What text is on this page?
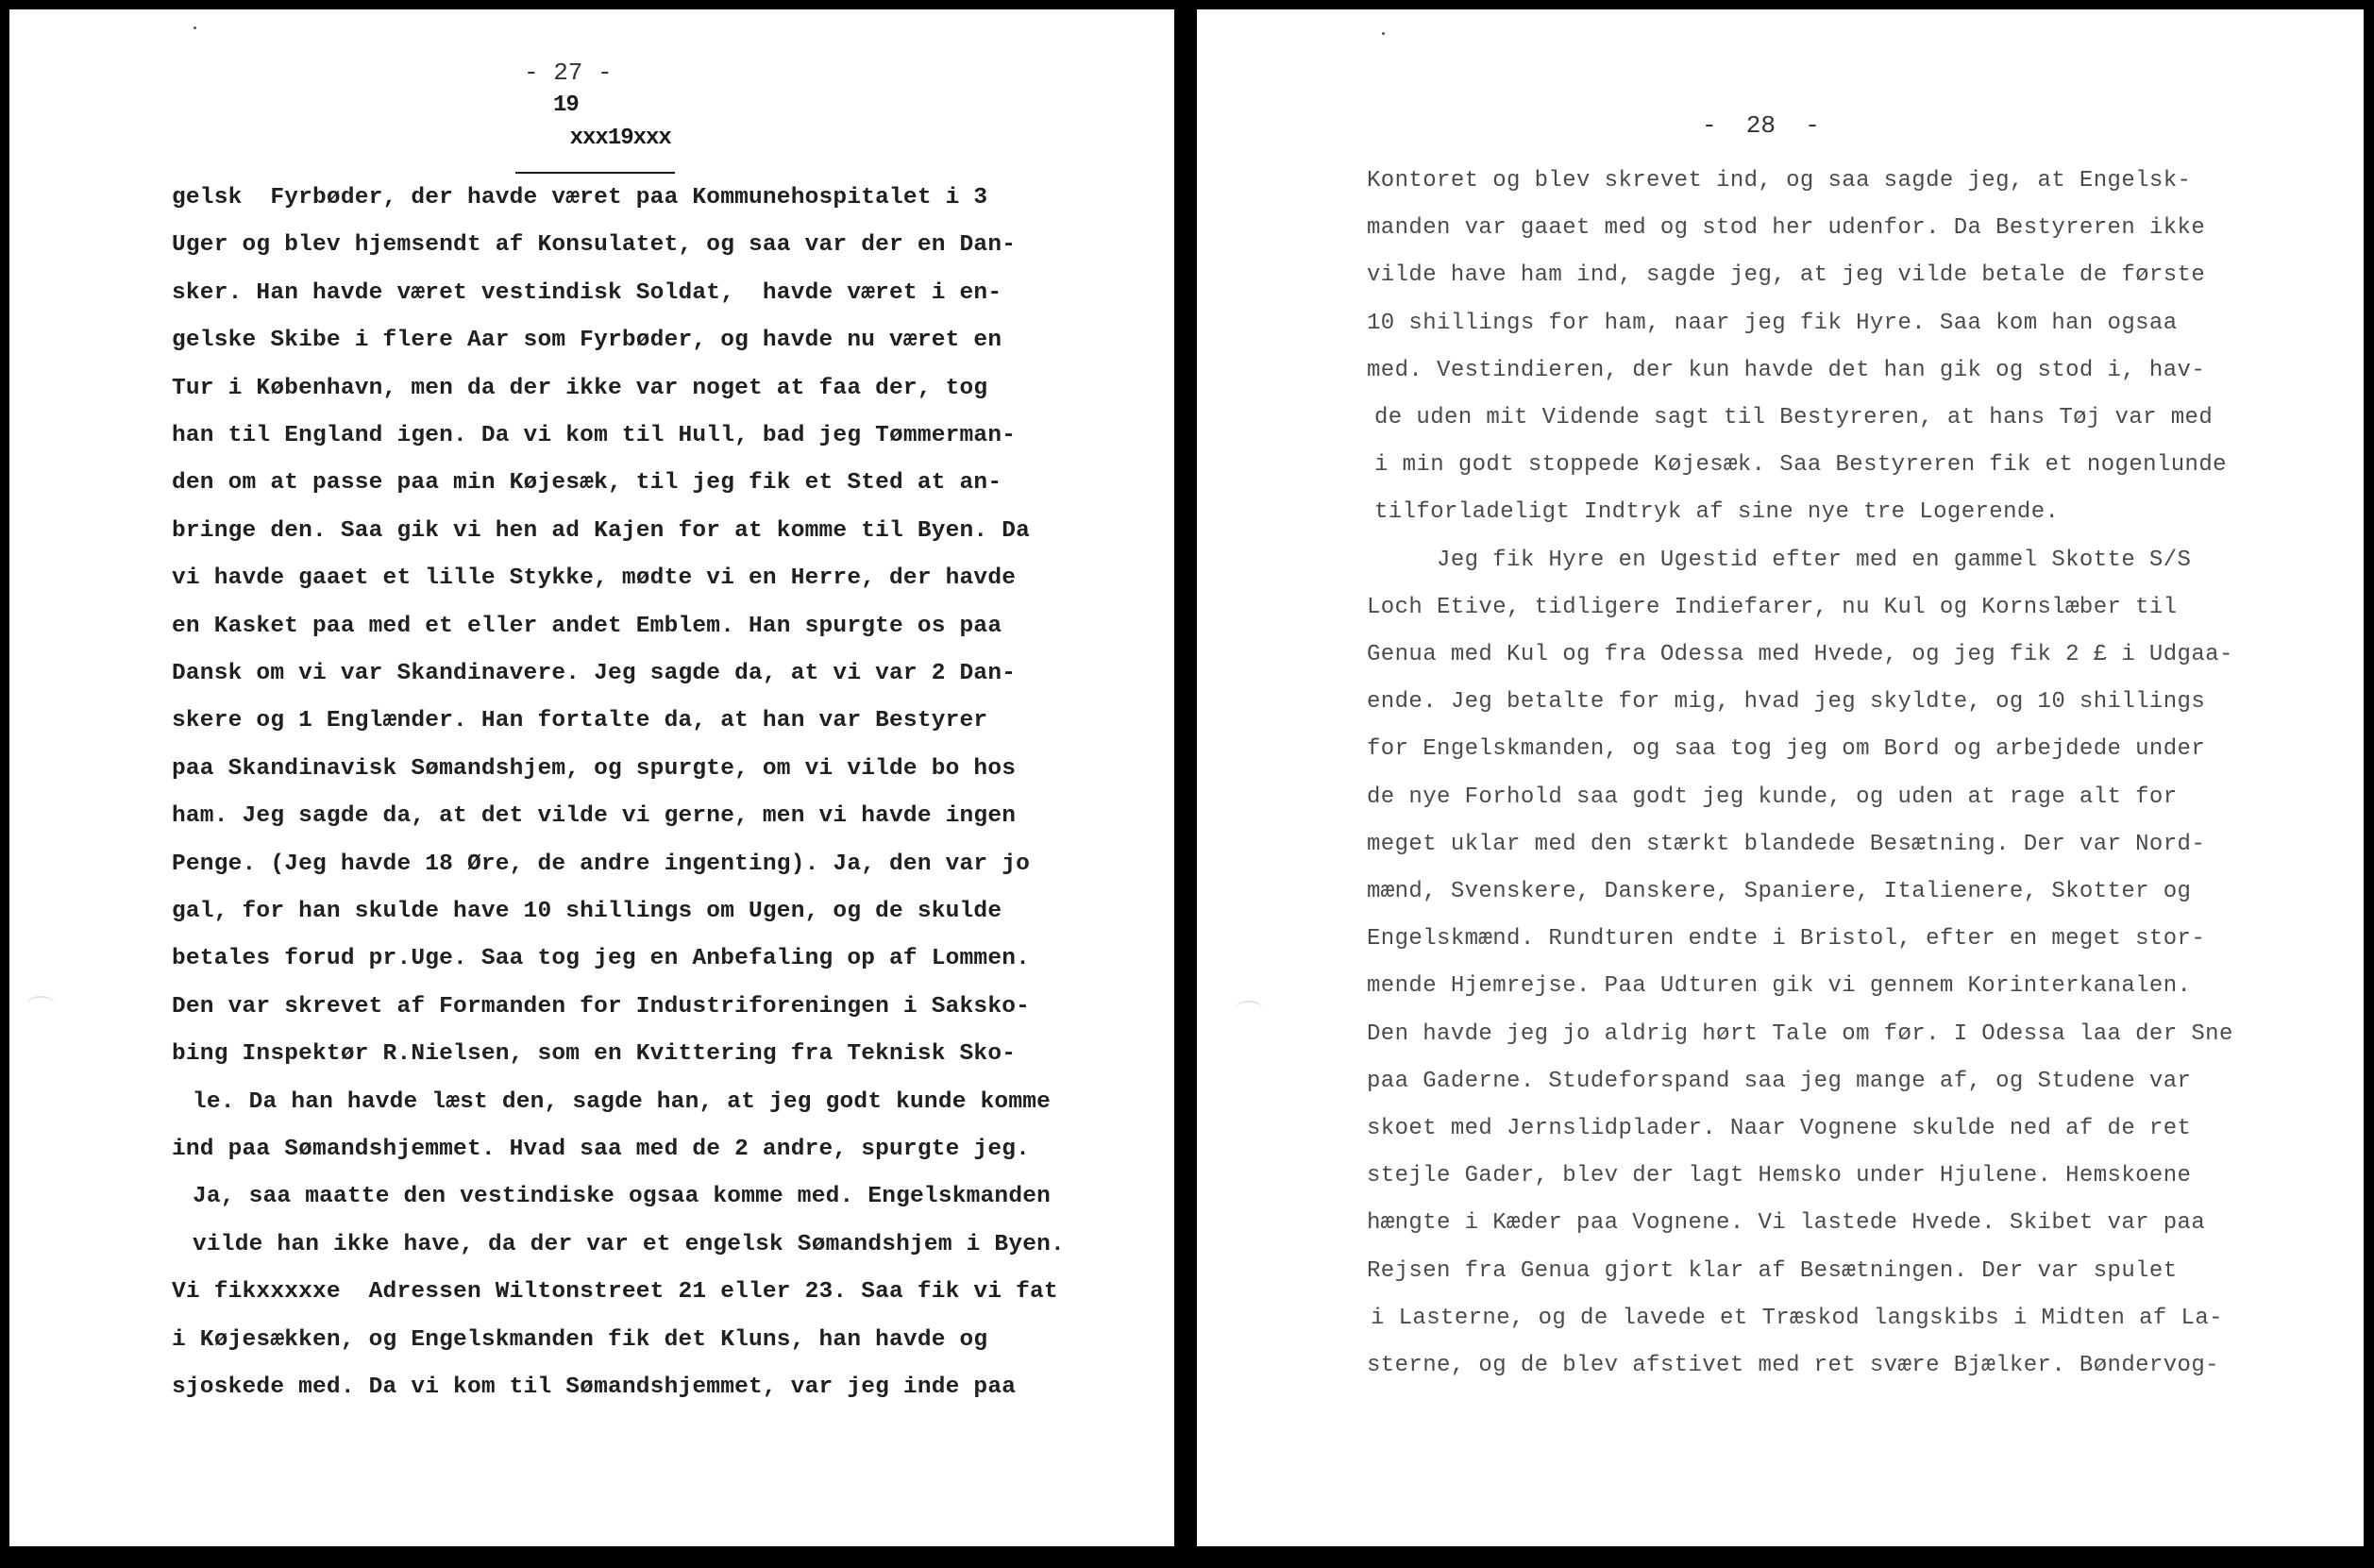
- 27 -

xxx19xxx

19

gelsk  Fyrbøder, der havde været paa Kommunehospitalet i 3
Uger og blev hjemsendt af Konsulatet, og saa var der en Dan-
sker. Han havde været vestindisk Soldat,  havde været i en-
gelske Skibe i flere Aar som Fyrbøder, og havde nu været en
Tur i København, men da der ikke var noget at faa der, tog
han til England igen. Da vi kom til Hull, bad jeg Tømmerman-
den om at passe paa min Køjesæk, til jeg fik et Sted at an-
bringe den. Saa gik vi hen ad Kajen for at komme til Byen. Da
vi havde gaaet et lille Stykke, mødte vi en Herre, der havde
en Kasket paa med et eller andet Emblem. Han spurgte os paa
Dansk om vi var Skandinavere. Jeg sagde da, at vi var 2 Dan-
skere og 1 Englænder. Han fortalte da, at han var Bestyrer
paa Skandinavisk Sømandshjem, og spurgte, om vi vilde bo hos
ham. Jeg sagde da, at det vilde vi gerne, men vi havde ingen
Penge. (Jeg havde 18 Øre, de andre ingenting). Ja, den var jo
gal, for han skulde have 10 shillings om Ugen, og de skulde
betales forud pr.Uge. Saa tog jeg en Anbefaling op af Lommen.
Den var skrevet af Formanden for Industriforeningen i Saksko-
bing Inspektør R.Nielsen, som en Kvittering fra Teknisk Sko-
le. Da han havde læst den, sagde han, at jeg godt kunde komme
ind paa Sømandshjemmet. Hvad saa med de 2 andre, spurgte jeg.
Ja, saa maatte den vestindiske ogsaa komme med. Engelskmanden
vilde han ikke have, da der var et engelsk Sømandshjem i Byen.
Vi fikxxxxxe  Adressen Wiltonstreet 21 eller 23. Saa fik vi fat
i Køjesækken, og Engelskmanden fik det Kluns, han havde og
sjoskede med. Da vi kom til Sømandshjemmet, var jeg inde paa
-  28  -
Kontoret og blev skrevet ind, og saa sagde jeg, at Engelsk-
manden var gaaet med og stod her udenfor. Da Bestyreren ikke
vilde have ham ind, sagde jeg, at jeg vilde betale de første
10 shillings for ham, naar jeg fik Hyre. Saa kom han ogsaa
med. Vestindieren, der kun havde det han gik og stod i, hav-
de uden mit Vidende sagt til Bestyreren, at hans Tøj var med
i min godt stoppede Køjesæk. Saa Bestyreren fik et nogenlunde
tilforladeligt Indtryk af sine nye tre Logerende.
Jeg fik Hyre en Ugestid efter med en gammel Skotte S/S
Loch Etive, tidligere Indiefarer, nu Kul og Kornslæber til
Genua med Kul og fra Odessa med Hvede, og jeg fik 2 £ i Udgaa-
ende. Jeg betalte for mig, hvad jeg skyldte, og 10 shillings
for Engelskmanden, og saa tog jeg om Bord og arbejdede under
de nye Forhold saa godt jeg kunde, og uden at rage alt for
meget uklar med den stærkt blandede Besætning. Der var Nord-
mænd, Svenskere, Danskere, Spaniere, Italienere, Skotter og
Engelskmænd. Rundturen endte i Bristol, efter en meget stor-
mende Hjemrejse. Paa Udturen gik vi gennem Korinterkanalen.
Den havde jeg jo aldrig hørt Tale om før. I Odessa laa der Sne
paa Gaderne. Studeforspand saa jeg mange af, og Studene var
skoet med Jernslidplader. Naar Vognene skulde ned af de ret
stejle Gader, blev der lagt Hemsko under Hjulene. Hemskoene
hængte i Kæder paa Vognene. Vi lastede Hvede. Skibet var paa
Rejsen fra Genua gjort klar af Besætningen. Der var spulet
i Lasterne, og de lavede et Træskod langskibs i Midten af La-
sterne, og de blev afstivet med ret svære Bjælker. Bøndervog-
